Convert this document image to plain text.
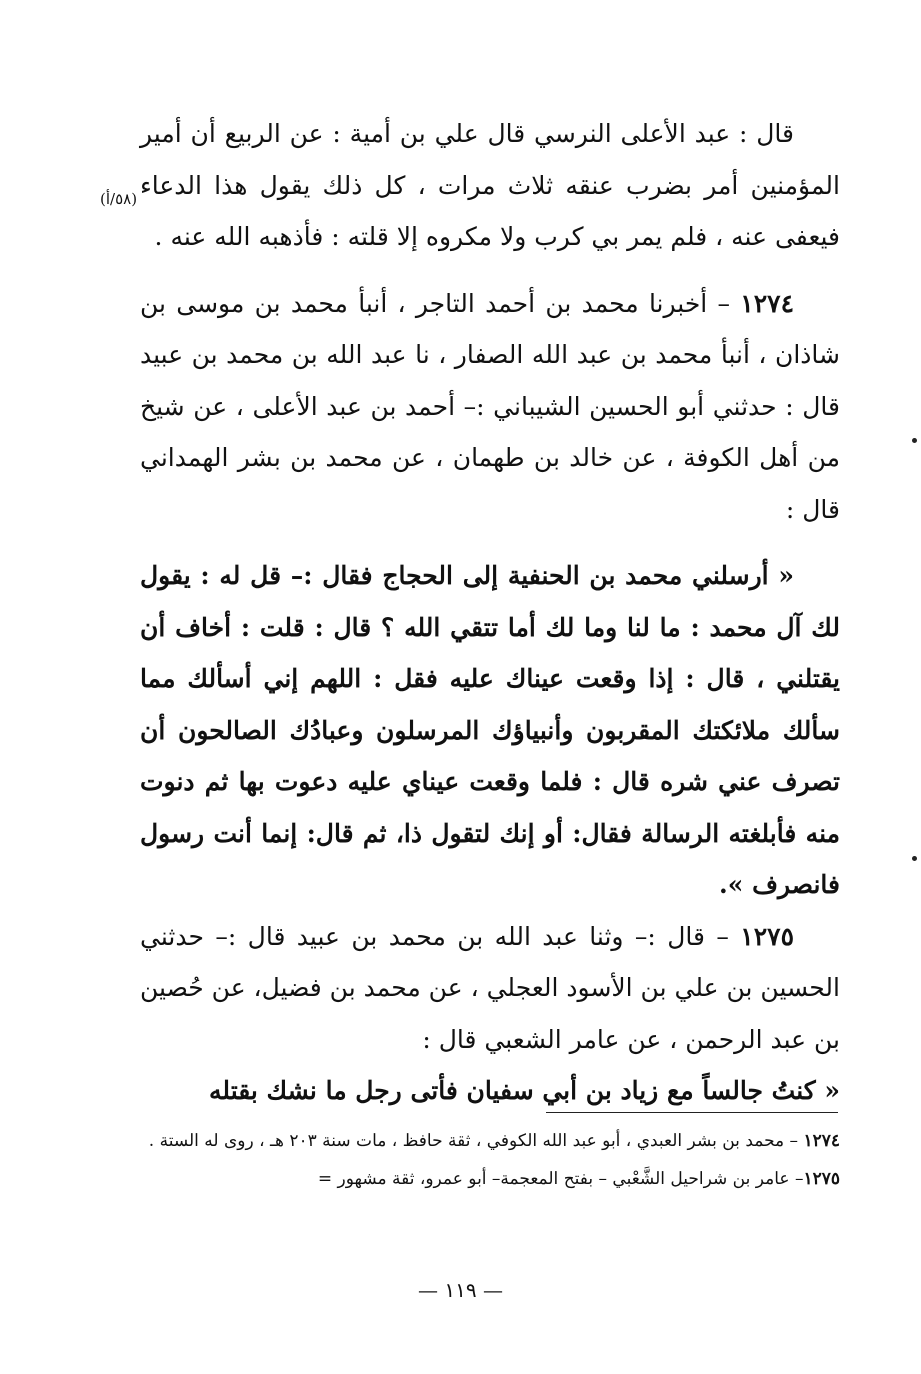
قال : عبد الأعلى النرسي قال علي بن أمية : عن الربيع أن أمير المؤمنين أمر بضرب عنقه ثلاث مرات ، كل ذلك يقول هذا الدعاء فيعفى عنه ، فلم يمر بي كرب ولا مكروه إلا قلته : فأذهبه الله عنه .
(٥٨/أ)

١٢٧٤ – أخبرنا محمد بن أحمد التاجر ، أنبأ محمد بن موسى بن شاذان ، أنبأ محمد بن عبد الله الصفار ، نا عبد الله بن محمد بن عبيد قال : حدثني أبو الحسين الشيباني :– أحمد بن عبد الأعلى ، عن شيخ من أهل الكوفة ، عن خالد بن طهمان ، عن محمد بن بشر الهمداني قال :

« أرسلني محمد بن الحنفية إلى الحجاج فقال :– قل له : يقول لك آل محمد : ما لنا وما لك أما تتقي الله ؟ قال : قلت : أخاف أن يقتلني ، قال : إذا وقعت عيناك عليه فقل : اللهم إني أسألك مما سألك ملائكتك المقربون وأنبياؤك المرسلون وعبادُك الصالحون أن تصرف عني شره قال : فلما وقعت عيناي عليه دعوت بها ثم دنوت منه فأبلغته الرسالة فقال: أو إنك لتقول ذا، ثم قال: إنما أنت رسول فانصرف ».

١٢٧٥ – قال :– وثنا عبد الله بن محمد بن عبيد قال :– حدثني الحسين بن علي بن الأسود العجلي ، عن محمد بن فضيل، عن حُصين بن عبد الرحمن ، عن عامر الشعبي قال :

« كنتُ جالساً مع زياد بن أبي سفيان فأتى رجل ما نشك بقتله

١٢٧٤ – محمد بن بشر العبدي ، أبو عبد الله الكوفي ، ثقة حافظ ، مات سنة ٢٠٣ هـ ، روى له الستة .

١٢٧٥– عامر بن شراحيل الشَّعْبي – بفتح المعجمة– أبو عمرو، ثقة مشهور =

— ١١٩ —
